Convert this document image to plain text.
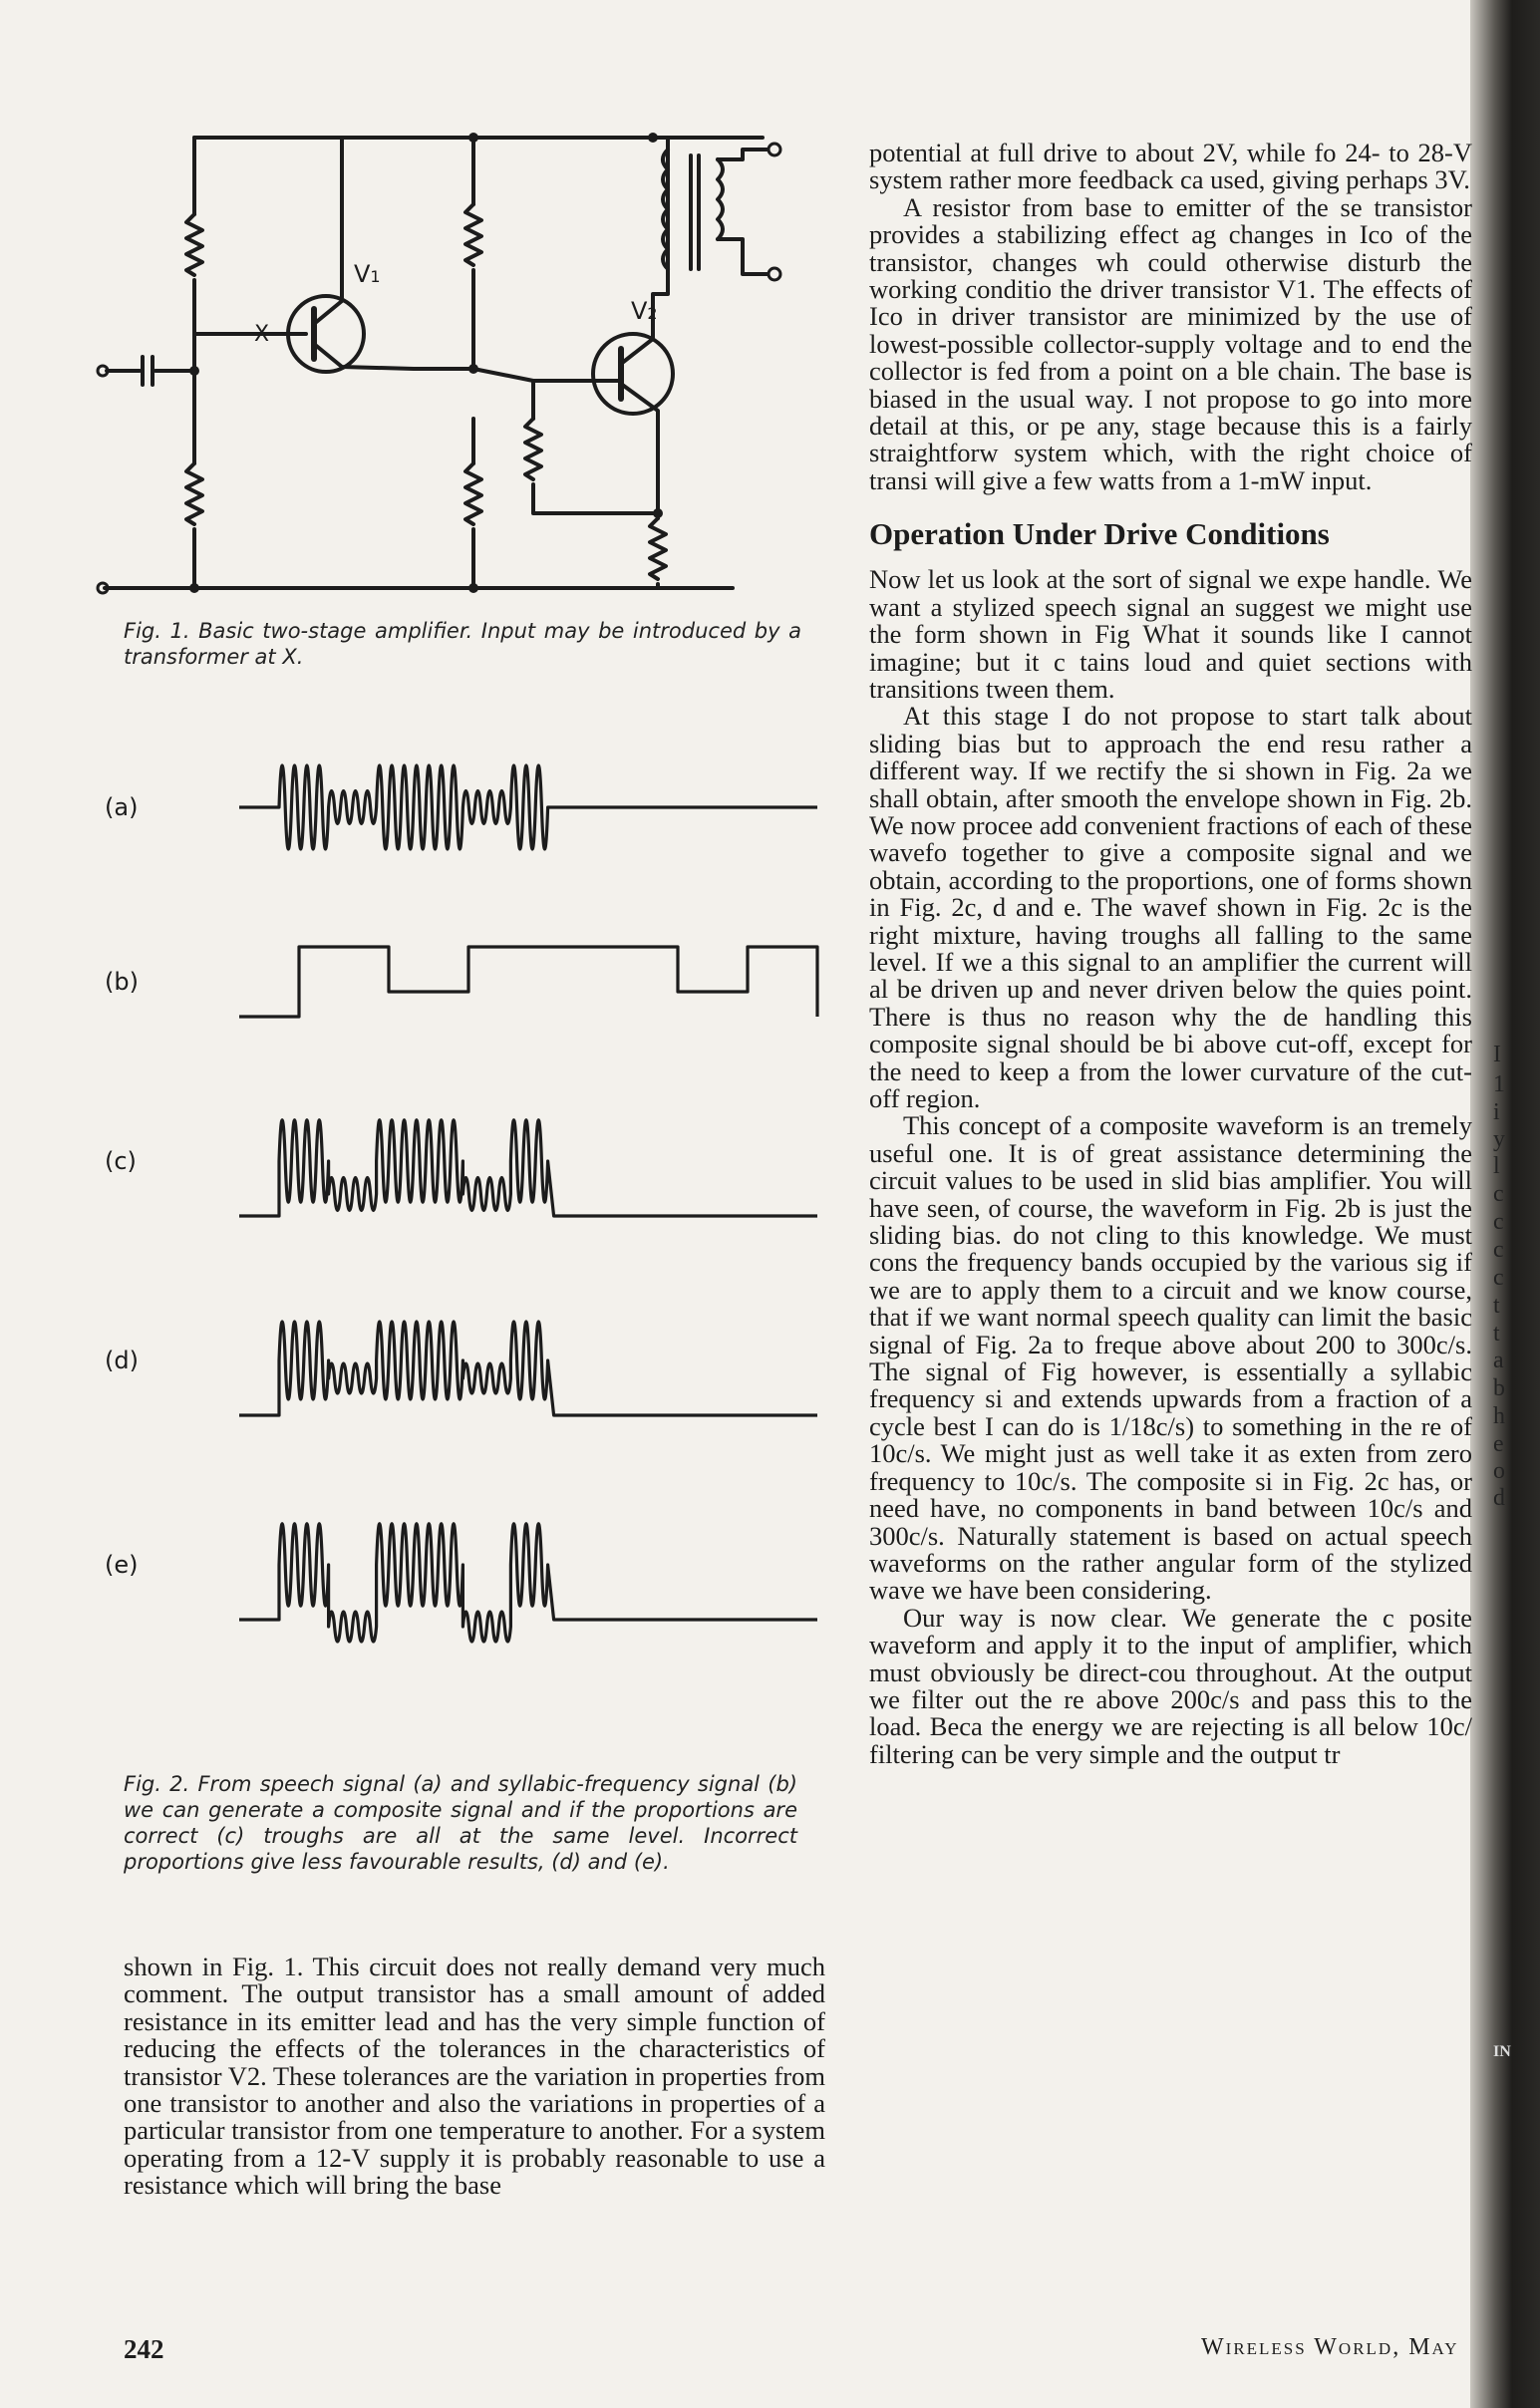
V1
V2
X
Fig. 1. Basic two-stage amplifier. Input may be introduced by a transformer at X.
(a)
(b)
(c)
(d)
(e)
Fig. 2. From speech signal (a) and syllabic-frequency signal (b) we can generate a composite signal and if the proportions are correct (c) troughs are all at the same level. Incorrect proportions give less favourable results, (d) and (e).

shown in Fig. 1. This circuit does not really demand very much comment. The output transistor has a small amount of added resistance in its emitter lead and has the very simple function of reducing the effects of the tolerances in the characteristics of transistor V2. These tolerances are the variation in properties from one transistor to another and also the variations in properties of a particular transistor from one temperature to another. For a system operating from a 12-V supply it is probably reasonable to use a resistance which will bring the base

potential at full drive to about 2V, while fo 24- to 28-V system rather more feedback ca used, giving perhaps 3V.

A resistor from base to emitter of the se transistor provides a stabilizing effect ag changes in Ico of the transistor, changes wh could otherwise disturb the working conditio the driver transistor V1. The effects of Ico in driver transistor are minimized by the use of lowest-possible collector-supply voltage and to end the collector is fed from a point on a ble chain. The base is biased in the usual way. I not propose to go into more detail at this, or pe any, stage because this is a fairly straightforw system which, with the right choice of transi will give a few watts from a 1-mW input.

Operation Under Drive Conditions

Now let us look at the sort of signal we expe handle. We want a stylized speech signal an suggest we might use the form shown in Fig What it sounds like I cannot imagine; but it c tains loud and quiet sections with transitions tween them.

At this stage I do not propose to start talk about sliding bias but to approach the end resu rather a different way. If we rectify the si shown in Fig. 2a we shall obtain, after smooth the envelope shown in Fig. 2b. We now procee add convenient fractions of each of these wavefo together to give a composite signal and we obtain, according to the proportions, one of forms shown in Fig. 2c, d and e. The wavef shown in Fig. 2c is the right mixture, having troughs all falling to the same level. If we a this signal to an amplifier the current will al be driven up and never driven below the quies point. There is thus no reason why the de handling this composite signal should be bi above cut-off, except for the need to keep a from the lower curvature of the cut-off region.

This concept of a composite waveform is an tremely useful one. It is of great assistance determining the circuit values to be used in slid bias amplifier. You will have seen, of course, the waveform in Fig. 2b is just the sliding bias. do not cling to this knowledge. We must cons the frequency bands occupied by the various sig if we are to apply them to a circuit and we know course, that if we want normal speech quality can limit the basic signal of Fig. 2a to freque above about 200 to 300c/s. The signal of Fig however, is essentially a syllabic frequency si and extends upwards from a fraction of a cycle best I can do is 1/18c/s) to something in the re of 10c/s. We might just as well take it as exten from zero frequency to 10c/s. The composite si in Fig. 2c has, or need have, no components in band between 10c/s and 300c/s. Naturally statement is based on actual speech waveforms on the rather angular form of the stylized wave we have been considering.

Our way is now clear. We generate the c posite waveform and apply it to the input of amplifier, which must obviously be direct-cou throughout. At the output we filter out the re above 200c/s and pass this to the load. Beca the energy we are rejecting is all below 10c/ filtering can be very simple and the output tr

I
1
i
y
l
c
c
c
c
t
t
a
b
h
e
o
d
IN
242	Wireless World, May
